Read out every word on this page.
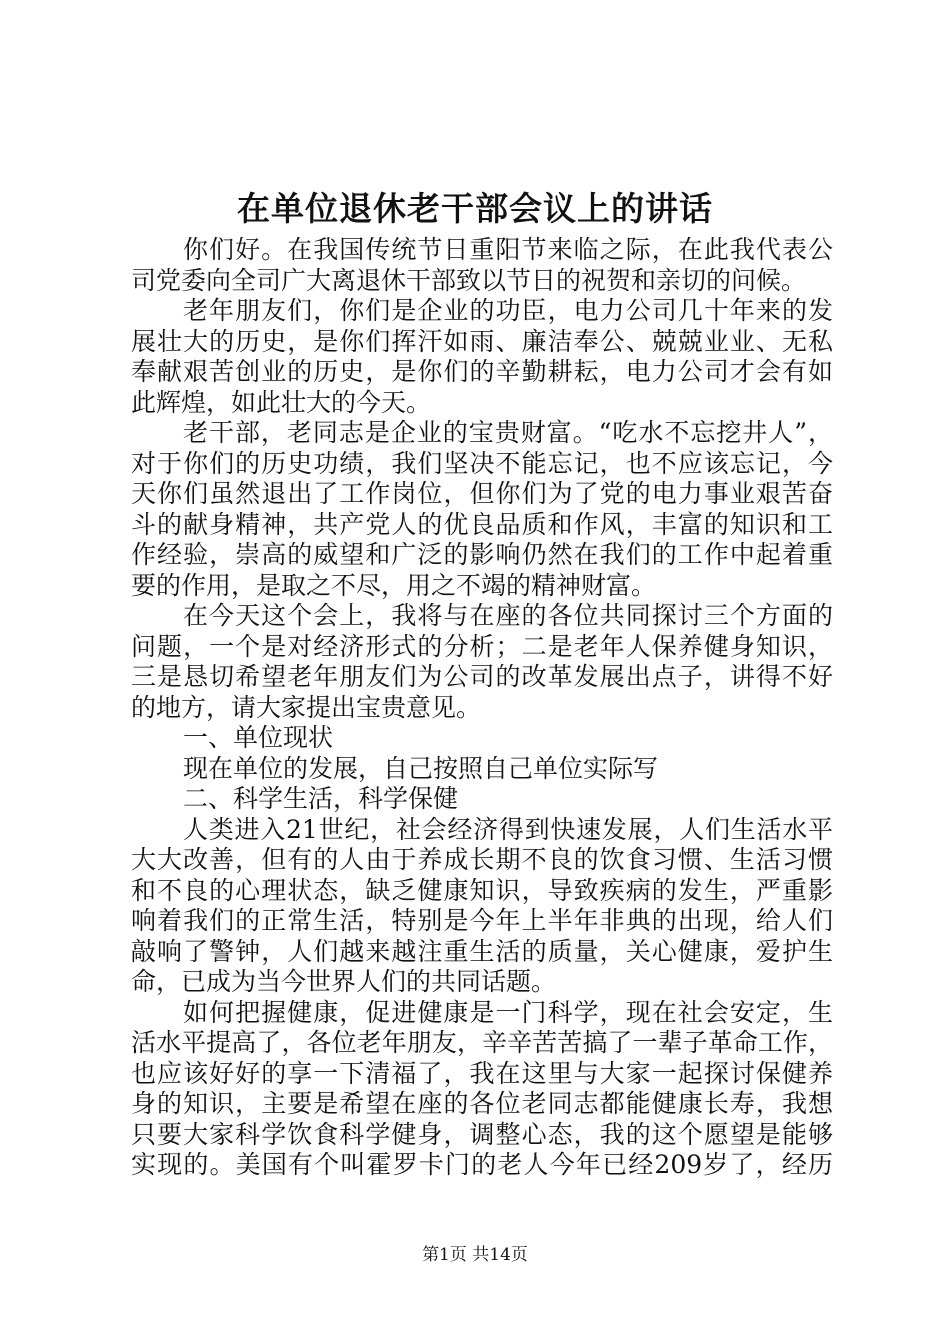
在单位退休老干部会议上的讲话
你们好。在我国传统节日重阳节来临之际，在此我代表公
司党委向全司广大离退休干部致以节日的祝贺和亲切的问候。
老年朋友们，你们是企业的功臣，电力公司几十年来的发
展壮大的历史，是你们挥汗如雨、廉洁奉公、兢兢业业、无私
奉献艰苦创业的历史，是你们的辛勤耕耘，电力公司才会有如
此辉煌，如此壮大的今天。
老干部，老同志是企业的宝贵财富。“吃水不忘挖井人”，
对于你们的历史功绩，我们坚决不能忘记，也不应该忘记，今
天你们虽然退出了工作岗位，但你们为了党的电力事业艰苦奋
斗的献身精神，共产党人的优良品质和作风，丰富的知识和工
作经验，崇高的威望和广泛的影响仍然在我们的工作中起着重
要的作用，是取之不尽，用之不竭的精神财富。
在今天这个会上，我将与在座的各位共同探讨三个方面的
问题，一个是对经济形式的分析；二是老年人保养健身知识，
三是恳切希望老年朋友们为公司的改革发展出点子，讲得不好
的地方，请大家提出宝贵意见。
一、单位现状
现在单位的发展，自己按照自己单位实际写
二、科学生活，科学保健
人类进入21世纪，社会经济得到快速发展，人们生活水平
大大改善，但有的人由于养成长期不良的饮食习惯、生活习惯
和不良的心理状态，缺乏健康知识，导致疾病的发生，严重影
响着我们的正常生活，特别是今年上半年非典的出现，给人们
敲响了警钟，人们越来越注重生活的质量，关心健康，爱护生
命，已成为当今世界人们的共同话题。
如何把握健康，促进健康是一门科学，现在社会安定，生
活水平提高了，各位老年朋友，辛辛苦苦搞了一辈子革命工作，
也应该好好的享一下清福了，我在这里与大家一起探讨保健养
身的知识，主要是希望在座的各位老同志都能健康长寿，我想
只要大家科学饮食科学健身，调整心态，我的这个愿望是能够
实现的。美国有个叫霍罗卡门的老人今年已经209岁了，经历
第1页 共14页
